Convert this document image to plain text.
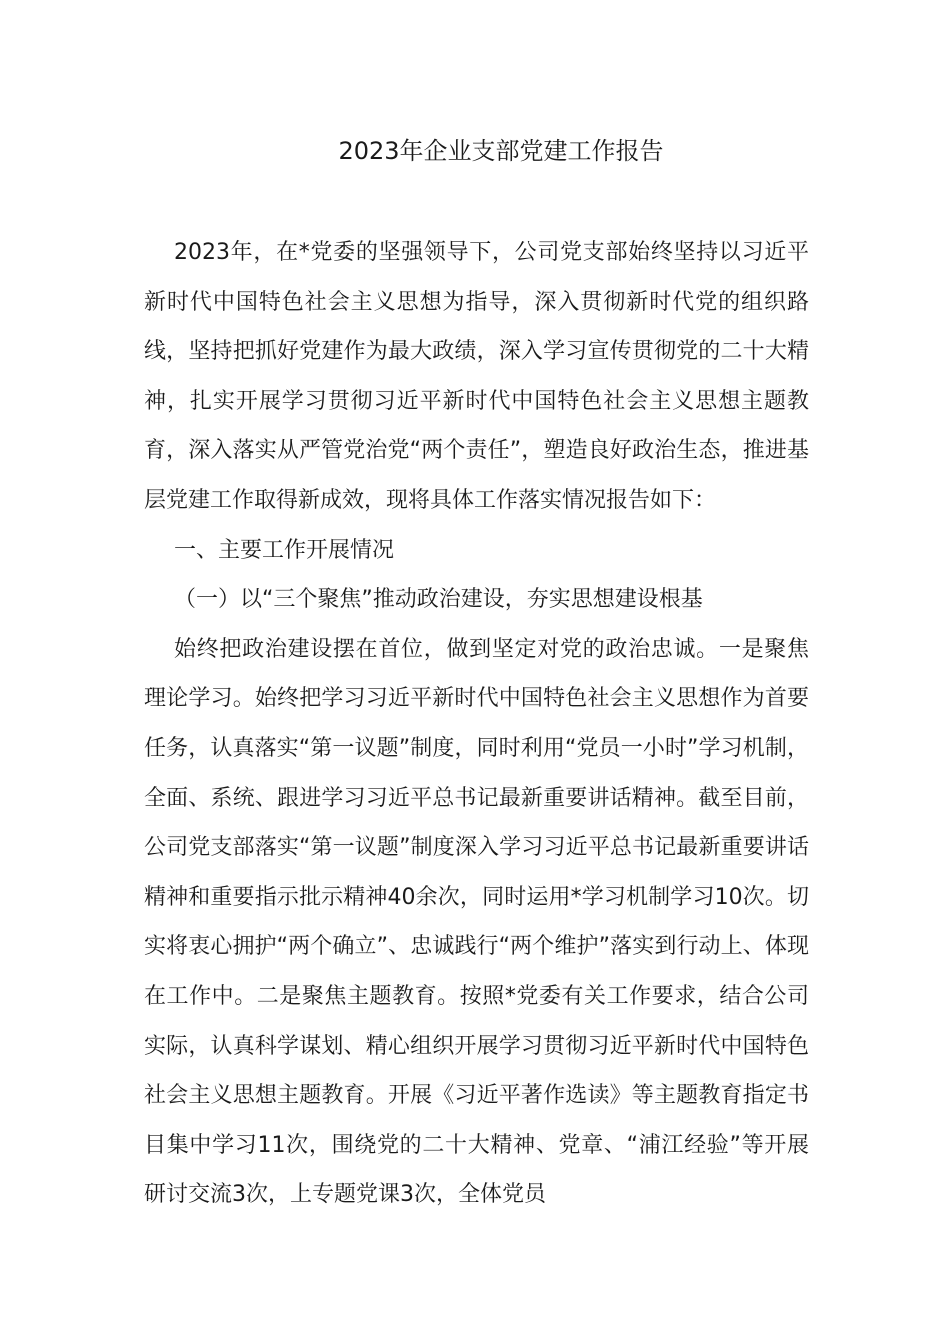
2023年企业支部党建工作报告

2023年，在*党委的坚强领导下，公司党支部始终坚持以习近平新时代中国特色社会主义思想为指导，深入贯彻新时代党的组织路线，坚持把抓好党建作为最大政绩，深入学习宣传贯彻党的二十大精神，扎实开展学习贯彻习近平新时代中国特色社会主义思想主题教育，深入落实从严管党治党“两个责任”，塑造良好政治生态，推进基层党建工作取得新成效，现将具体工作落实情况报告如下：

一、主要工作开展情况

（一）以“三个聚焦”推动政治建设，夯实思想建设根基

始终把政治建设摆在首位，做到坚定对党的政治忠诚。一是聚焦理论学习。始终把学习习近平新时代中国特色社会主义思想作为首要任务，认真落实“第一议题”制度，同时利用“党员一小时”学习机制，全面、系统、跟进学习习近平总书记最新重要讲话精神。截至目前，公司党支部落实“第一议题”制度深入学习习近平总书记最新重要讲话精神和重要指示批示精神40余次，同时运用*学习机制学习10次。切实将衷心拥护“两个确立”、忠诚践行“两个维护”落实到行动上、体现在工作中。二是聚焦主题教育。按照*党委有关工作要求，结合公司实际，认真科学谋划、精心组织开展学习贯彻习近平新时代中国特色社会主义思想主题教育。开展《习近平著作选读》等主题教育指定书目集中学习11次，围绕党的二十大精神、党章、“浦江经验”等开展研讨交流3次，上专题党课3次，全体党员
